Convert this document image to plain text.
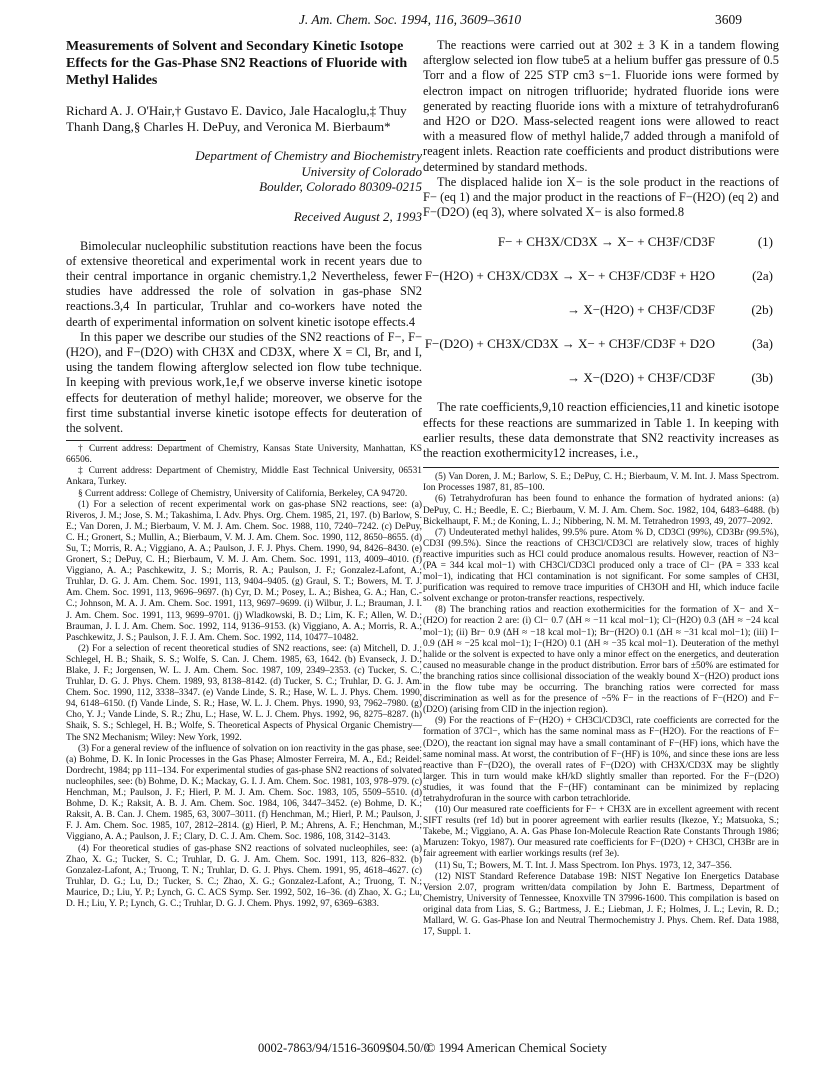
J. Am. Chem. Soc. 1994, 116, 3609–3610	3609
Measurements of Solvent and Secondary Kinetic Isotope Effects for the Gas-Phase SN2 Reactions of Fluoride with Methyl Halides
Richard A. J. O'Hair,† Gustavo E. Davico, Jale Hacaloglu,‡ Thuy Thanh Dang,§ Charles H. DePuy, and Veronica M. Bierbaum*
Department of Chemistry and Biochemistry
University of Colorado
Boulder, Colorado 80309-0215
Received August 2, 1993

Bimolecular nucleophilic substitution reactions have been the focus of extensive theoretical and experimental work in recent years due to their central importance in organic chemistry.1,2 Nevertheless, fewer studies have addressed the role of solvation in gas-phase SN2 reactions.3,4 In particular, Truhlar and co-workers have noted the dearth of experimental information on solvent kinetic isotope effects.4

In this paper we describe our studies of the SN2 reactions of F−, F−(H2O), and F−(D2O) with CH3X and CD3X, where X = Cl, Br, and I, using the tandem flowing afterglow selected ion flow tube technique. In keeping with previous work,1e,f we observe inverse kinetic isotope effects for deuteration of methyl halide; moreover, we observe for the first time substantial inverse kinetic isotope effects for deuteration of the solvent.

† Current address: Department of Chemistry, Kansas State University, Manhattan, KS 66506.

‡ Current address: Department of Chemistry, Middle East Technical University, 06531 Ankara, Turkey.

§ Current address: College of Chemistry, University of California, Berkeley, CA 94720.

(1) For a selection of recent experimental work on gas-phase SN2 reactions, see: (a) Riveros, J. M.; Jose, S. M.; Takashima, I. Adv. Phys. Org. Chem. 1985, 21, 197. (b) Barlow, S. E.; Van Doren, J. M.; Bierbaum, V. M. J. Am. Chem. Soc. 1988, 110, 7240–7242. (c) DePuy, C. H.; Gronert, S.; Mullin, A.; Bierbaum, V. M. J. Am. Chem. Soc. 1990, 112, 8650–8655. (d) Su, T.; Morris, R. A.; Viggiano, A. A.; Paulson, J. F. J. Phys. Chem. 1990, 94, 8426–8430. (e) Gronert, S.; DePuy, C. H.; Bierbaum, V. M. J. Am. Chem. Soc. 1991, 113, 4009–4010. (f) Viggiano, A. A.; Paschkewitz, J. S.; Morris, R. A.; Paulson, J. F.; Gonzalez-Lafont, A.; Truhlar, D. G. J. Am. Chem. Soc. 1991, 113, 9404–9405. (g) Graul, S. T.; Bowers, M. T. J. Am. Chem. Soc. 1991, 113, 9696–9697. (h) Cyr, D. M.; Posey, L. A.; Bishea, G. A.; Han, C.-C.; Johnson, M. A. J. Am. Chem. Soc. 1991, 113, 9697–9699. (i) Wilbur, J. L.; Brauman, J. I. J. Am. Chem. Soc. 1991, 113, 9699–9701. (j) Wladkowski, B. D.; Lim, K. F.; Allen, W. D.; Brauman, J. I. J. Am. Chem. Soc. 1992, 114, 9136–9153. (k) Viggiano, A. A.; Morris, R. A.; Paschkewitz, J. S.; Paulson, J. F. J. Am. Chem. Soc. 1992, 114, 10477–10482.

(2) For a selection of recent theoretical studies of SN2 reactions, see: (a) Mitchell, D. J.; Schlegel, H. B.; Shaik, S. S.; Wolfe, S. Can. J. Chem. 1985, 63, 1642. (b) Evanseck, J. D.; Blake, J. F.; Jorgensen, W. L. J. Am. Chem. Soc. 1987, 109, 2349–2353. (c) Tucker, S. C.; Truhlar, D. G. J. Phys. Chem. 1989, 93, 8138–8142. (d) Tucker, S. C.; Truhlar, D. G. J. Am. Chem. Soc. 1990, 112, 3338–3347. (e) Vande Linde, S. R.; Hase, W. L. J. Phys. Chem. 1990, 94, 6148–6150. (f) Vande Linde, S. R.; Hase, W. L. J. Chem. Phys. 1990, 93, 7962–7980. (g) Cho, Y. J.; Vande Linde, S. R.; Zhu, L.; Hase, W. L. J. Chem. Phys. 1992, 96, 8275–8287. (h) Shaik, S. S.; Schlegel, H. B.; Wolfe, S. Theoretical Aspects of Physical Organic Chemistry—The SN2 Mechanism; Wiley: New York, 1992.

(3) For a general review of the influence of solvation on ion reactivity in the gas phase, see: (a) Bohme, D. K. In Ionic Processes in the Gas Phase; Almoster Ferreira, M. A., Ed.; Reidel: Dordrecht, 1984; pp 111–134. For experimental studies of gas-phase SN2 reactions of solvated nucleophiles, see: (b) Bohme, D. K.; Mackay, G. I. J. Am. Chem. Soc. 1981, 103, 978–979. (c) Henchman, M.; Paulson, J. F.; Hierl, P. M. J. Am. Chem. Soc. 1983, 105, 5509–5510. (d) Bohme, D. K.; Raksit, A. B. J. Am. Chem. Soc. 1984, 106, 3447–3452. (e) Bohme, D. K.; Raksit, A. B. Can. J. Chem. 1985, 63, 3007–3011. (f) Henchman, M.; Hierl, P. M.; Paulson, J. F. J. Am. Chem. Soc. 1985, 107, 2812–2814. (g) Hierl, P. M.; Ahrens, A. F.; Henchman, M.; Viggiano, A. A.; Paulson, J. F.; Clary, D. C. J. Am. Chem. Soc. 1986, 108, 3142–3143.

(4) For theoretical studies of gas-phase SN2 reactions of solvated nucleophiles, see: (a) Zhao, X. G.; Tucker, S. C.; Truhlar, D. G. J. Am. Chem. Soc. 1991, 113, 826–832. (b) Gonzalez-Lafont, A.; Truong, T. N.; Truhlar, D. G. J. Phys. Chem. 1991, 95, 4618–4627. (c) Truhlar, D. G.; Lu, D.; Tucker, S. C.; Zhao, X. G.; Gonzalez-Lafont, A.; Truong, T. N.; Maurice, D.; Liu, Y. P.; Lynch, G. C. ACS Symp. Ser. 1992, 502, 16–36. (d) Zhao, X. G.; Lu, D. H.; Liu, Y. P.; Lynch, G. C.; Truhlar, D. G. J. Chem. Phys. 1992, 97, 6369–6383.

The reactions were carried out at 302 ± 3 K in a tandem flowing afterglow selected ion flow tube5 at a helium buffer gas pressure of 0.5 Torr and a flow of 225 STP cm3 s−1. Fluoride ions were formed by electron impact on nitrogen trifluoride; hydrated fluoride ions were generated by reacting fluoride ions with a mixture of tetrahydrofuran6 and H2O or D2O. Mass-selected reagent ions were allowed to react with a measured flow of methyl halide,7 added through a manifold of reagent inlets. Reaction rate coefficients and product distributions were determined by standard methods.

The displaced halide ion X− is the sole product in the reactions of F− (eq 1) and the major product in the reactions of F−(H2O) (eq 2) and F−(D2O) (eq 3), where solvated X− is also formed.8

F− + CH3X/CD3X → X− + CH3F/CD3F	(1)
F−(H2O) + CH3X/CD3X → X− + CH3F/CD3F + H2O	(2a)
→ X−(H2O) + CH3F/CD3F	(2b)
F−(D2O) + CH3X/CD3X → X− + CH3F/CD3F + D2O	(3a)
→ X−(D2O) + CH3F/CD3F	(3b)

The rate coefficients,9,10 reaction efficiencies,11 and kinetic isotope effects for these reactions are summarized in Table 1. In keeping with earlier results, these data demonstrate that SN2 reactivity increases as the reaction exothermicity12 increases, i.e.,

(5) Van Doren, J. M.; Barlow, S. E.; DePuy, C. H.; Bierbaum, V. M. Int. J. Mass Spectrom. Ion Processes 1987, 81, 85–100.

(6) Tetrahydrofuran has been found to enhance the formation of hydrated anions: (a) DePuy, C. H.; Beedle, E. C.; Bierbaum, V. M. J. Am. Chem. Soc. 1982, 104, 6483–6488. (b) Bickelhaupt, F. M.; de Koning, L. J.; Nibbering, N. M. M. Tetrahedron 1993, 49, 2077–2092.

(7) Undeuterated methyl halides, 99.5% pure. Atom % D, CD3Cl (99%), CD3Br (99.5%), CD3I (99.5%). Since the reactions of CH3Cl/CD3Cl are relatively slow, traces of highly reactive impurities such as HCl could produce anomalous results. However, reaction of N3− (PA = 344 kcal mol−1) with CH3Cl/CD3Cl produced only a trace of Cl− (PA = 333 kcal mol−1), indicating that HCl contamination is not significant. For some samples of CH3I, purification was required to remove trace impurities of CH3OH and HI, which induce facile solvent exchange or proton-transfer reactions, respectively.

(8) The branching ratios and reaction exothermicities for the formation of X− and X−(H2O) for reaction 2 are: (i) Cl− 0.7 (ΔH ≈ −11 kcal mol−1); Cl−(H2O) 0.3 (ΔH ≈ −24 kcal mol−1); (ii) Br− 0.9 (ΔH ≈ −18 kcal mol−1); Br−(H2O) 0.1 (ΔH ≈ −31 kcal mol−1); (iii) I− 0.9 (ΔH ≈ −25 kcal mol−1); I−(H2O) 0.1 (ΔH ≈ −35 kcal mol−1). Deuteration of the methyl halide or the solvent is expected to have only a minor effect on the energetics, and deuteration caused no measurable change in the product distribution. Error bars of ±50% are estimated for the branching ratios since collisional dissociation of the weakly bound X−(H2O) product ions in the flow tube may be occurring. The branching ratios were corrected for mass discrimination as well as for the presence of ~5% F− in the reactions of F−(H2O) and F−(D2O) (arising from CID in the injection region).

(9) For the reactions of F−(H2O) + CH3Cl/CD3Cl, rate coefficients are corrected for the formation of 37Cl−, which has the same nominal mass as F−(H2O). For the reactions of F−(D2O), the reactant ion signal may have a small contaminant of F−(HF) ions, which have the same nominal mass. At worst, the contribution of F−(HF) is 10%, and since these ions are less reactive than F−(D2O), the overall rates of F−(D2O) with CH3X/CD3X may be slightly larger. This in turn would make kH/kD slightly smaller than reported. For the F−(D2O) studies, it was found that the F−(HF) contaminant can be minimized by replacing tetrahydrofuran in the source with carbon tetrachloride.

(10) Our measured rate coefficients for F− + CH3X are in excellent agreement with recent SIFT results (ref 1d) but in poorer agreement with earlier results (Ikezoe, Y.; Matsuoka, S.; Takebe, M.; Viggiano, A. A. Gas Phase Ion-Molecule Reaction Rate Constants Through 1986; Maruzen: Tokyo, 1987). Our measured rate coefficients for F−(D2O) + CH3Cl, CH3Br are in fair agreement with earlier workings results (ref 3e).

(11) Su, T.; Bowers, M. T. Int. J. Mass Spectrom. Ion Phys. 1973, 12, 347–356.

(12) NIST Standard Reference Database 19B: NIST Negative Ion Energetics Database Version 2.07, program written/data compilation by John E. Bartmess, Department of Chemistry, University of Tennessee, Knoxville TN 37996-1600. This compilation is based on original data from Lias, S. G.; Bartmess, J. E.; Liebman, J. F.; Holmes, J. L.; Levin, R. D.; Mallard, W. G. Gas-Phase Ion and Neutral Thermochemistry J. Phys. Chem. Ref. Data 1988, 17, Suppl. 1.

0002-7863/94/1516-3609$04.50/0
© 1994 American Chemical Society
